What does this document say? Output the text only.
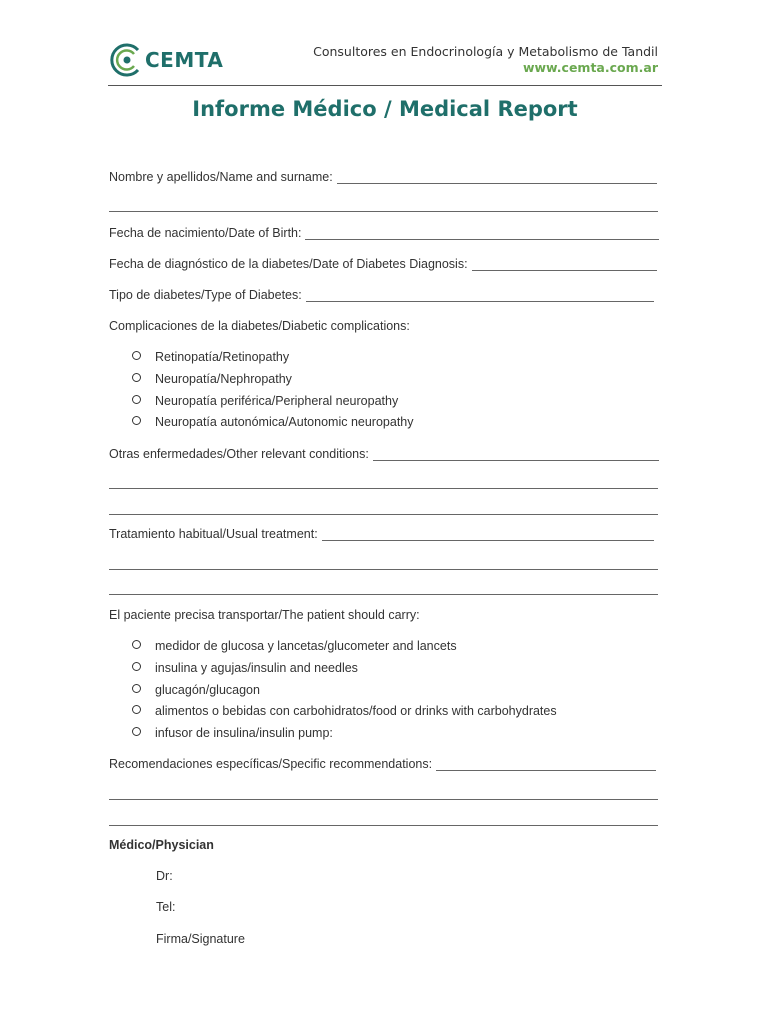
CEMTA	Consultores en Endocrinología y Metabolismo de Tandil
www.cemta.com.ar
Informe Médico / Medical Report
Nombre y apellidos/Name and surname:
Fecha de nacimiento/Date of Birth:
Fecha de diagnóstico de la diabetes/Date of Diabetes Diagnosis:
Tipo de diabetes/Type of Diabetes:
Complicaciones de la diabetes/Diabetic complications:
Retinopatía/Retinopathy
Neuropatía/Nephropathy
Neuropatía periférica/Peripheral neuropathy
Neuropatía autonómica/Autonomic neuropathy
Otras enfermedades/Other relevant conditions:
Tratamiento habitual/Usual treatment:
El paciente precisa transportar/The patient should carry:
medidor de glucosa y lancetas/glucometer and lancets
insulina y agujas/insulin and needles
glucagón/glucagon
alimentos o bebidas con carbohidratos/food or drinks with carbohydrates
infusor de insulina/insulin pump:
Recomendaciones específicas/Specific recommendations:
Médico/Physician
Dr:
Tel:
Firma/Signature
